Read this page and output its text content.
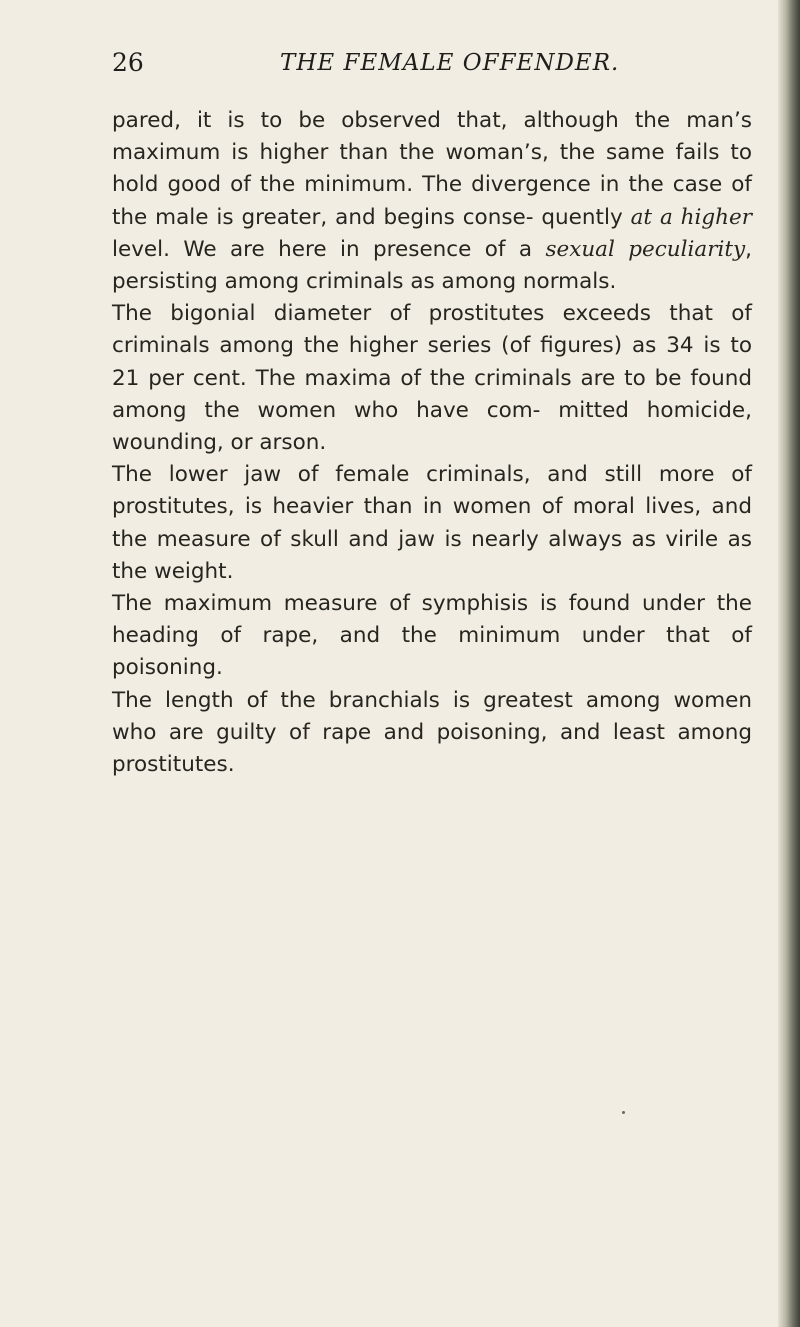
26	THE FEMALE OFFENDER.

pared, it is to be observed that, although the man’s maximum is higher than the woman’s, the same fails to hold good of the minimum. The divergence in the case of the male is greater, and begins conse- quently at a higher level. We are here in presence of a sexual peculiarity, persisting among criminals as among normals.

The bigonial diameter of prostitutes exceeds that of criminals among the higher series (of figures) as 34 is to 21 per cent. The maxima of the criminals are to be found among the women who have com- mitted homicide, wounding, or arson.

The lower jaw of female criminals, and still more of prostitutes, is heavier than in women of moral lives, and the measure of skull and jaw is nearly always as virile as the weight.

The maximum measure of symphisis is found under the heading of rape, and the minimum under that of poisoning.

The length of the branchials is greatest among women who are guilty of rape and poisoning, and least among prostitutes.
